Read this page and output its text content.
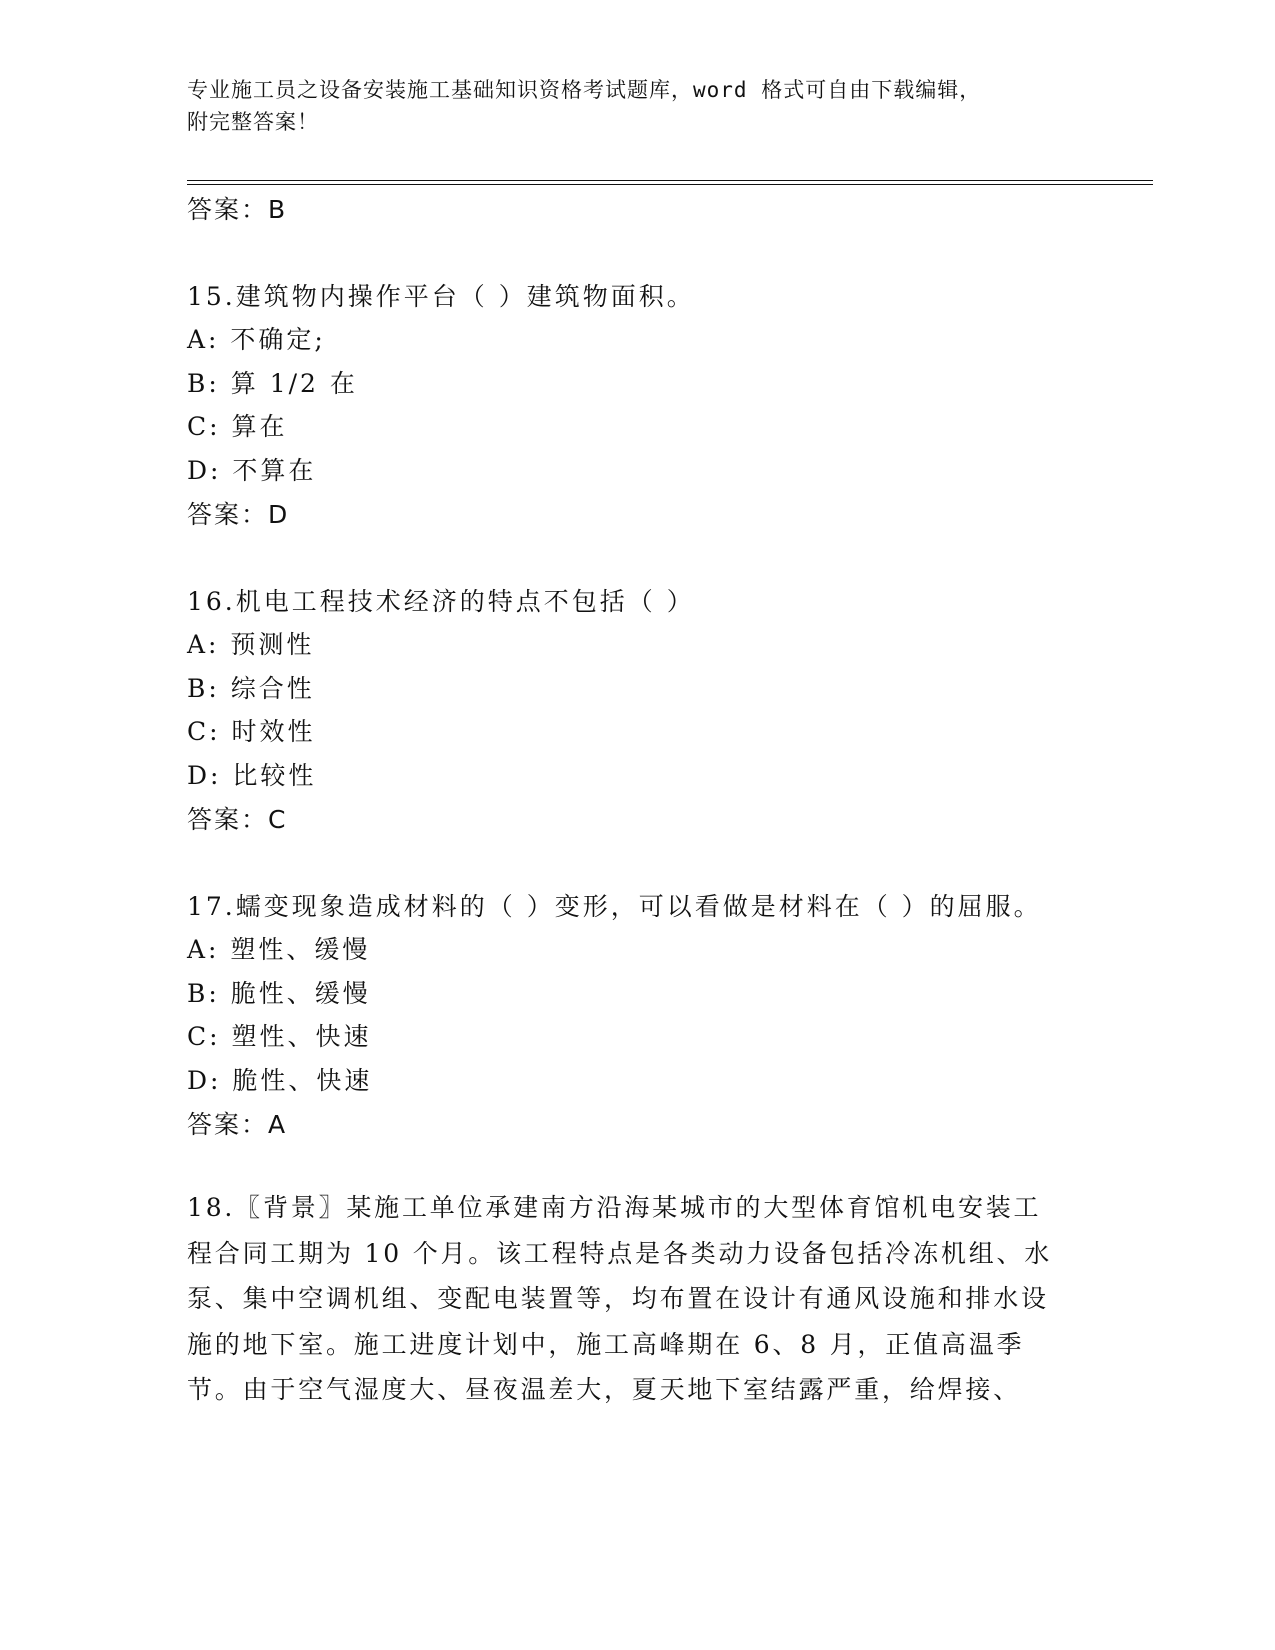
专业施工员之设备安装施工基础知识资格考试题库，word 格式可自由下载编辑，
附完整答案！
答案：B
15.建筑物内操作平台（ ）建筑物面积。
A: 不确定;
B: 算 1/2 在
C: 算在
D: 不算在
答案：D
16.机电工程技术经济的特点不包括（ ）
A: 预测性
B: 综合性
C: 时效性
D: 比较性
答案：C
17.蠕变现象造成材料的（ ）变形，可以看做是材料在（ ）的屈服。
A: 塑性、缓慢
B: 脆性、缓慢
C: 塑性、快速
D: 脆性、快速
答案：A
18.〖背景〗某施工单位承建南方沿海某城市的大型体育馆机电安装工程合同工期为 10 个月。该工程特点是各类动力设备包括冷冻机组、水泵、集中空调机组、变配电装置等，均布置在设计有通风设施和排水设施的地下室。施工进度计划中，施工高峰期在 6、8 月，正值高温季节。由于空气湿度大、昼夜温差大，夏天地下室结露严重，给焊接、
